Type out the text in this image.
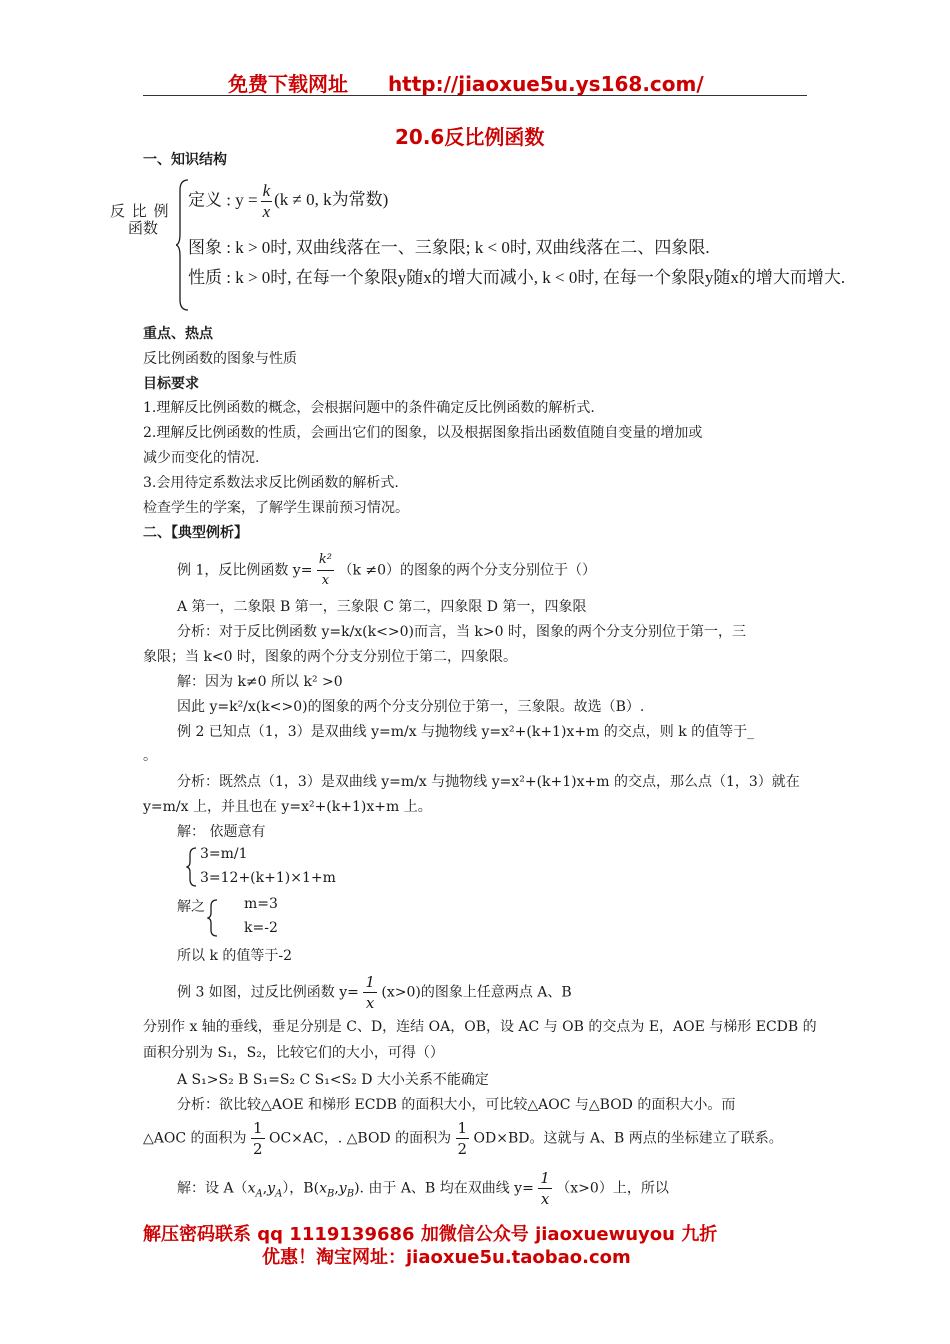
免费下载网址 http://jiaoxue5u.ys168.com/
20.6反比例函数
一、知识结构
反 比 例
函数
定义 : $y = \frac{k}{x} (k \ne 0$, k为常数)
图象 : k > 0时, 双曲线落在一、三象限; k < 0时, 双曲线落在二、四象限.
性质 : k > 0时, 在每一个象限y随x的增大而减小, k < 0时, 在每一个象限y随x的增大而增大.
重点、热点
反比例函数的图象与性质
目标要求
1.理解反比例函数的概念，会根据问题中的条件确定反比例函数的解析式.
2.理解反比例函数的性质，会画出它们的图象，以及根据图象指出函数值随自变量的增加或
减少而变化的情况.
3.会用待定系数法求反比例函数的解析式.
检查学生的学案，了解学生课前预习情况。
二、【典型例析】
例 1，反比例函数 $y= \frac{\text{k²}}{x} (k \ne 0)$的图象的两个分支分别位于（）
A 第一，二象限 B 第一，三象限 C 第二，四象限 D 第一，四象限
分析：对于反比例函数 y=k/x(k<>0)而言，当 k>0 时，图象的两个分支分别位于第一，三
象限；当 k<0 时，图象的两个分支分别位于第二，四象限。
解：因为 k≠0 所以 k² >0
因此 y=k²/x(k<>0)的图象的两个分支分别位于第一，三象限。故选（B）.
例 2 已知点（1，3）是双曲线 y=m/x 与抛物线 y=x²+(k+1)x+m 的交点，则 k 的值等于_
。
分析：既然点（1，3）是双曲线 y=m/x 与抛物线 y=x²+(k+1)x+m 的交点，那么点（1，3）就在
y=m/x 上，并且也在 y=x²+(k+1)x+m 上。
解： 依题意有
3=m/1
3=12+(k+1)×1+m
解之	m=3
k=-2
所以 k 的值等于-2
例 3 如图，过反比例函数 $y= \frac{1}{x} (x>0)$的图象上任意两点 A、B
分别作 x 轴的垂线，垂足分别是 C、D，连结 OA，OB，设 AC 与 OB 的交点为 E，AOE 与梯形 ECDB 的
面积分别为 S₁，S₂，比较它们的大小，可得（）
A S₁>S₂ B S₁=S₂ C S₁<S₂ D 大小关系不能确定
分析：欲比较△AOE 和梯形 ECDB 的面积大小，可比较△AOC 与△BOD 的面积大小。而
△AOC 的面积为 $\frac{1}{2} OC\times AC$，. △BOD 的面积为 $\frac{1}{2} OD\times BD$。这就与 A、B 两点的坐标建立了联系。
解：设 $A(x_A,y_A)$，$B(x_B,y_B)$. 由于 A、B 均在双曲线 $y= \frac{1}{x} (x>0)$上，所以
解压密码联系 qq 1119139686 加微信公众号 jiaoxuewuyou 九折
优惠！淘宝网址：jiaoxue5u.taobao.com
